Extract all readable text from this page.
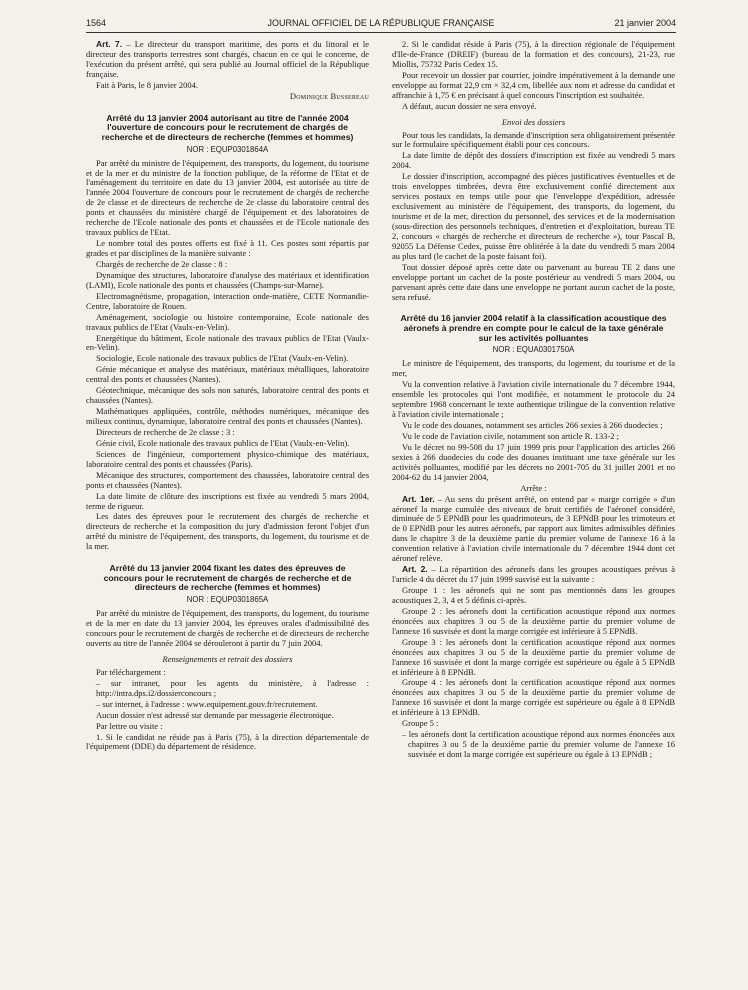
1564	JOURNAL OFFICIEL DE LA RÉPUBLIQUE FRANÇAISE	21 janvier 2004

Art. 7. – Le directeur du transport maritime, des ports et du littoral et le directeur des transports terrestres sont chargés, chacun en ce qui le concerne, de l'exécution du présent arrêté, qui sera publié au Journal officiel de la République française.

Fait à Paris, le 8 janvier 2004.

Dominique Bussereau

Arrêté du 13 janvier 2004 autorisant au titre de l'année 2004 l'ouverture de concours pour le recrutement de chargés de recherche et de directeurs de recherche (femmes et hommes)
NOR : EQUP0301864A

Par arrêté du ministre de l'équipement, des transports, du logement, du tourisme et de la mer et du ministre de la fonction publique, de la réforme de l'Etat et de l'aménagement du territoire en date du 13 janvier 2004, est autorisée au titre de l'année 2004 l'ouverture de concours pour le recrutement de chargés de recherche de 2e classe et de directeurs de recherche de 2e classe du laboratoire central des ponts et chaussées du ministère chargé de l'équipement et des laboratoires de recherche de l'Ecole nationale des ponts et chaussées et de l'Ecole nationale des travaux publics de l'Etat.

Le nombre total des postes offerts est fixé à 11. Ces postes sont répartis par grades et par disciplines de la manière suivante :

Chargés de recherche de 2e classe : 8 :

Dynamique des structures, laboratoire d'analyse des matériaux et identification (LAMI), Ecole nationale des ponts et chaussées (Champs-sur-Marne).

Electromagnétisme, propagation, interaction onde-matière, CETE Normandie-Centre, laboratoire de Rouen.

Aménagement, sociologie ou histoire contemporaine, Ecole nationale des travaux publics de l'Etat (Vaulx-en-Velin).

Energétique du bâtiment, Ecole nationale des travaux publics de l'Etat (Vaulx-en-Velin).

Sociologie, Ecole nationale des travaux publics de l'Etat (Vaulx-en-Velin).

Génie mécanique et analyse des matériaux, matériaux métalliques, laboratoire central des ponts et chaussées (Nantes).

Géotechnique, mécanique des sols non saturés, laboratoire central des ponts et chaussées (Nantes).

Mathématiques appliquées, contrôle, méthodes numériques, mécanique des milieux continus, dynamique, laboratoire central des ponts et chaussées (Nantes).

Directeurs de recherche de 2e classe : 3 :

Génie civil, Ecole nationale des travaux publics de l'Etat (Vaulx-en-Velin).

Sciences de l'ingénieur, comportement physico-chimique des matériaux, laboratoire central des ponts et chaussées (Paris).

Mécanique des structures, comportement des chaussées, laboratoire central des ponts et chaussées (Nantes).

La date limite de clôture des inscriptions est fixée au vendredi 5 mars 2004, terme de rigueur.

Les dates des épreuves pour le recrutement des chargés de recherche et directeurs de recherche et la composition du jury d'admission feront l'objet d'un arrêté du ministre de l'équipement, des transports, du logement, du tourisme et de la mer.

Arrêté du 13 janvier 2004 fixant les dates des épreuves de concours pour le recrutement de chargés de recherche et de directeurs de recherche (femmes et hommes)
NOR : EQUP0301865A

Par arrêté du ministre de l'équipement, des transports, du logement, du tourisme et de la mer en date du 13 janvier 2004, les épreuves orales d'admissibilité des concours pour le recrutement de chargés de recherche et de directeurs de recherche ouverts au titre de l'année 2004 se dérouleront à partir du 7 juin 2004.

Renseignements et retrait des dossiers

Par téléchargement :

– sur intranet, pour les agents du ministère, à l'adresse : http://intra.dps.i2/dossierconcours ;

– sur internet, à l'adresse : www.equipement.gouv.fr/recrutement.

Aucun dossier n'est adressé sur demande par messagerie électronique.

Par lettre ou visite :

1. Si le candidat ne réside pas à Paris (75), à la direction départementale de l'équipement (DDE) du département de résidence.

2. Si le candidat réside à Paris (75), à la direction régionale de l'équipement d'Ile-de-France (DREIF) (bureau de la formation et des concours), 21-23, rue Miollis, 75732 Paris Cedex 15.

Pour recevoir un dossier par courrier, joindre impérativement à la demande une enveloppe au format 22,9 cm × 32,4 cm, libellée aux nom et adresse du candidat et affranchie à 1,75 € en précisant à quel concours l'inscription est souhaitée.

A défaut, aucun dossier ne sera envoyé.

Envoi des dossiers

Pour tous les candidats, la demande d'inscription sera obligatoirement présentée sur le formulaire spécifiquement établi pour ces concours.

La date limite de dépôt des dossiers d'inscription est fixée au vendredi 5 mars 2004.

Le dossier d'inscription, accompagné des pièces justificatives éventuelles et de trois enveloppes timbrées, devra être exclusivement confié directement aux services postaux en temps utile pour que l'enveloppe d'expédition, adressée exclusivement au ministère de l'équipement, des transports, du logement, du tourisme et de la mer, direction du personnel, des services et de la modernisation (sous-direction des personnels techniques, d'entretien et d'exploitation, bureau TE 2, concours « chargés de recherche et directeurs de recherche »), tour Pascal B, 92055 La Défense Cedex, puisse être oblitérée à la date du vendredi 5 mars 2004 au plus tard (le cachet de la poste faisant foi).

Tout dossier déposé après cette date ou parvenant au bureau TE 2 dans une enveloppe portant un cachet de la poste postérieur au vendredi 5 mars 2004, ou parvenant après cette date dans une enveloppe ne portant aucun cachet de la poste, sera refusé.

Arrêté du 16 janvier 2004 relatif à la classification acoustique des aéronefs à prendre en compte pour le calcul de la taxe générale sur les activités polluantes
NOR : EQUA0301750A

Le ministre de l'équipement, des transports, du logement, du tourisme et de la mer,

Vu la convention relative à l'aviation civile internationale du 7 décembre 1944, ensemble les protocoles qui l'ont modifiée, et notamment le protocole du 24 septembre 1968 concernant le texte authentique trilingue de la convention relative à l'aviation civile internationale ;

Vu le code des douanes, notamment ses articles 266 sexies à 266 duodecies ;

Vu le code de l'aviation civile, notamment son article R. 133-2 ;

Vu le décret no 99-508 du 17 juin 1999 pris pour l'application des articles 266 sexies à 266 duodecies du code des douanes instituant une taxe générale sur les activités polluantes, modifié par les décrets no 2001-705 du 31 juillet 2001 et no 2004-62 du 14 janvier 2004,

Arrête :

Art. 1er. – Au sens du présent arrêté, on entend par « marge corrigée » d'un aéronef la marge cumulée des niveaux de bruit certifiés de l'aéronef considéré, diminuée de 5 EPNdB pour les quadrimoteurs, de 3 EPNdB pour les trimoteurs et de 0 EPNdB pour les autres aéronefs, par rapport aux limites admissibles définies dans le chapitre 3 de la deuxième partie du premier volume de l'annexe 16 à la convention relative à l'aviation civile internationale du 7 décembre 1944 dont cet aéronef relève.

Art. 2. – La répartition des aéronefs dans les groupes acoustiques prévus à l'article 4 du décret du 17 juin 1999 susvisé est la suivante :

Groupe 1 : les aéronefs qui ne sont pas mentionnés dans les groupes acoustiques 2, 3, 4 et 5 définis ci-après.

Groupe 2 : les aéronefs dont la certification acoustique répond aux normes énoncées aux chapitres 3 ou 5 de la deuxième partie du premier volume de l'annexe 16 susvisée et dont la marge corrigée est inférieure à 5 EPNdB.

Groupe 3 : les aéronefs dont la certification acoustique répond aux normes énoncées aux chapitres 3 ou 5 de la deuxième partie du premier volume de l'annexe 16 susvisée et dont la marge corrigée est supérieure ou égale à 5 EPNdB et inférieure à 8 EPNdB.

Groupe 4 : les aéronefs dont la certification acoustique répond aux normes énoncées aux chapitres 3 ou 5 de la deuxième partie du premier volume de l'annexe 16 susvisée et dont la marge corrigée est supérieure ou égale à 8 EPNdB et inférieure à 13 EPNdB.

Groupe 5 :

– les aéronefs dont la certification acoustique répond aux normes énoncées aux chapitres 3 ou 5 de la deuxième partie du premier volume de l'annexe 16 susvisée et dont la marge corrigée est supérieure ou égale à 13 EPNdB ;
